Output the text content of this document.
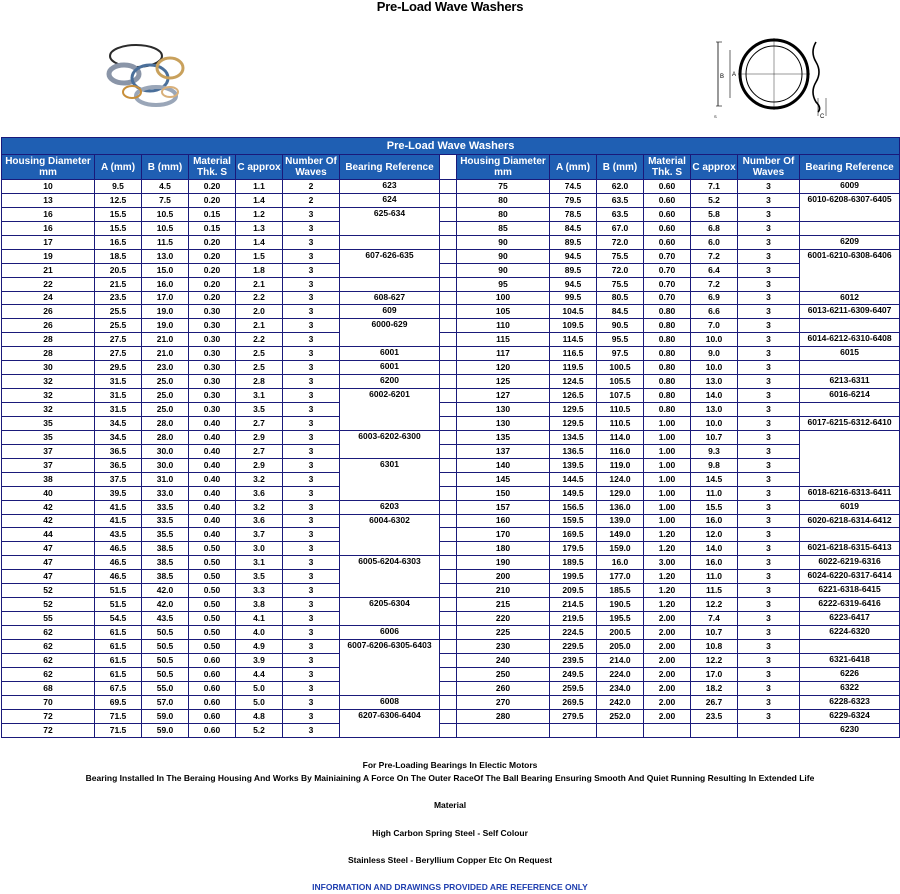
Pre-Load Wave Washers
B A
C
S
Pre-Load Wave Washers														
Housing Diameter mm	A (mm)	B (mm)	Material Thk. S	C approx	Number Of Waves	Bearing Reference		Housing Diameter mm	A (mm)	B (mm)	Material Thk. S	C approx	Number Of Waves	Bearing Reference
10	9.5	4.5	0.20	1.1	2	623		75	74.5	62.0	0.60	7.1	3	6009
13	12.5	7.5	0.20	1.4	2	624		80	79.5	63.5	0.60	5.2	3	6010-6208-6307-6405
16	15.5	10.5	0.15	1.2	3	625-634		80	78.5	63.5	0.60	5.8	3	
16	15.5	10.5	0.15	1.3	3			85	84.5	67.0	0.60	6.8	3	
17	16.5	11.5	0.20	1.4	3			90	89.5	72.0	0.60	6.0	3	6209
19	18.5	13.0	0.20	1.5	3	607-626-635		90	94.5	75.5	0.70	7.2	3	6001-6210-6308-6406
21	20.5	15.0	0.20	1.8	3			90	89.5	72.0	0.70	6.4	3	
22	21.5	16.0	0.20	2.1	3			95	94.5	75.5	0.70	7.2	3	
24	23.5	17.0	0.20	2.2	3	608-627		100	99.5	80.5	0.70	6.9	3	6012
26	25.5	19.0	0.30	2.0	3	609		105	104.5	84.5	0.80	6.6	3	6013-6211-6309-6407
26	25.5	19.0	0.30	2.1	3	6000-629		110	109.5	90.5	0.80	7.0	3	
28	27.5	21.0	0.30	2.2	3			115	114.5	95.5	0.80	10.0	3	6014-6212-6310-6408
28	27.5	21.0	0.30	2.5	3	6001		117	116.5	97.5	0.80	9.0	3	6015
30	29.5	23.0	0.30	2.5	3	6001		120	119.5	100.5	0.80	10.0	3	
32	31.5	25.0	0.30	2.8	3	6200		125	124.5	105.5	0.80	13.0	3	6213-6311
32	31.5	25.0	0.30	3.1	3	6002-6201		127	126.5	107.5	0.80	14.0	3	6016-6214
32	31.5	25.0	0.30	3.5	3			130	129.5	110.5	0.80	13.0	3	
35	34.5	28.0	0.40	2.7	3			130	129.5	110.5	1.00	10.0	3	6017-6215-6312-6410
35	34.5	28.0	0.40	2.9	3	6003-6202-6300		135	134.5	114.0	1.00	10.7	3	
37	36.5	30.0	0.40	2.7	3			137	136.5	116.0	1.00	9.3	3	
37	36.5	30.0	0.40	2.9	3	6301		140	139.5	119.0	1.00	9.8	3	
38	37.5	31.0	0.40	3.2	3			145	144.5	124.0	1.00	14.5	3	
40	39.5	33.0	0.40	3.6	3			150	149.5	129.0	1.00	11.0	3	6018-6216-6313-6411
42	41.5	33.5	0.40	3.2	3	6203		157	156.5	136.0	1.00	15.5	3	6019
42	41.5	33.5	0.40	3.6	3	6004-6302		160	159.5	139.0	1.00	16.0	3	6020-6218-6314-6412
44	43.5	35.5	0.40	3.7	3			170	169.5	149.0	1.20	12.0	3	
47	46.5	38.5	0.50	3.0	3			180	179.5	159.0	1.20	14.0	3	6021-6218-6315-6413
47	46.5	38.5	0.50	3.1	3	6005-6204-6303		190	189.5	16.0	3.00	16.0	3	6022-6219-6316
47	46.5	38.5	0.50	3.5	3			200	199.5	177.0	1.20	11.0	3	6024-6220-6317-6414
52	51.5	42.0	0.50	3.3	3			210	209.5	185.5	1.20	11.5	3	6221-6318-6415
52	51.5	42.0	0.50	3.8	3	6205-6304		215	214.5	190.5	1.20	12.2	3	6222-6319-6416
55	54.5	43.5	0.50	4.1	3			220	219.5	195.5	2.00	7.4	3	6223-6417
62	61.5	50.5	0.50	4.0	3	6006		225	224.5	200.5	2.00	10.7	3	6224-6320
62	61.5	50.5	0.50	4.9	3	6007-6206-6305-6403		230	229.5	205.0	2.00	10.8	3	
62	61.5	50.5	0.60	3.9	3			240	239.5	214.0	2.00	12.2	3	6321-6418
62	61.5	50.5	0.60	4.4	3			250	249.5	224.0	2.00	17.0	3	6226
68	67.5	55.0	0.60	5.0	3			260	259.5	234.0	2.00	18.2	3	6322
70	69.5	57.0	0.60	5.0	3	6008		270	269.5	242.0	2.00	26.7	3	6228-6323
72	71.5	59.0	0.60	4.8	3	6207-6306-6404		280	279.5	252.0	2.00	23.5	3	6229-6324
72	71.5	59.0	0.60	5.2	3									6230
For Pre-Loading Bearings In Electic Motors
Bearing Installed In The Beraing Housing And Works By Mainiaining A Force On The Outer RaceOf The Ball Bearing Ensuring Smooth And Quiet Running Resulting In Extended Life
Material
High Carbon Spring Steel - Self Colour
Stainless Steel - Beryllium Copper Etc On Request
INFORMATION AND DRAWINGS PROVIDED ARE REFERENCE ONLY
